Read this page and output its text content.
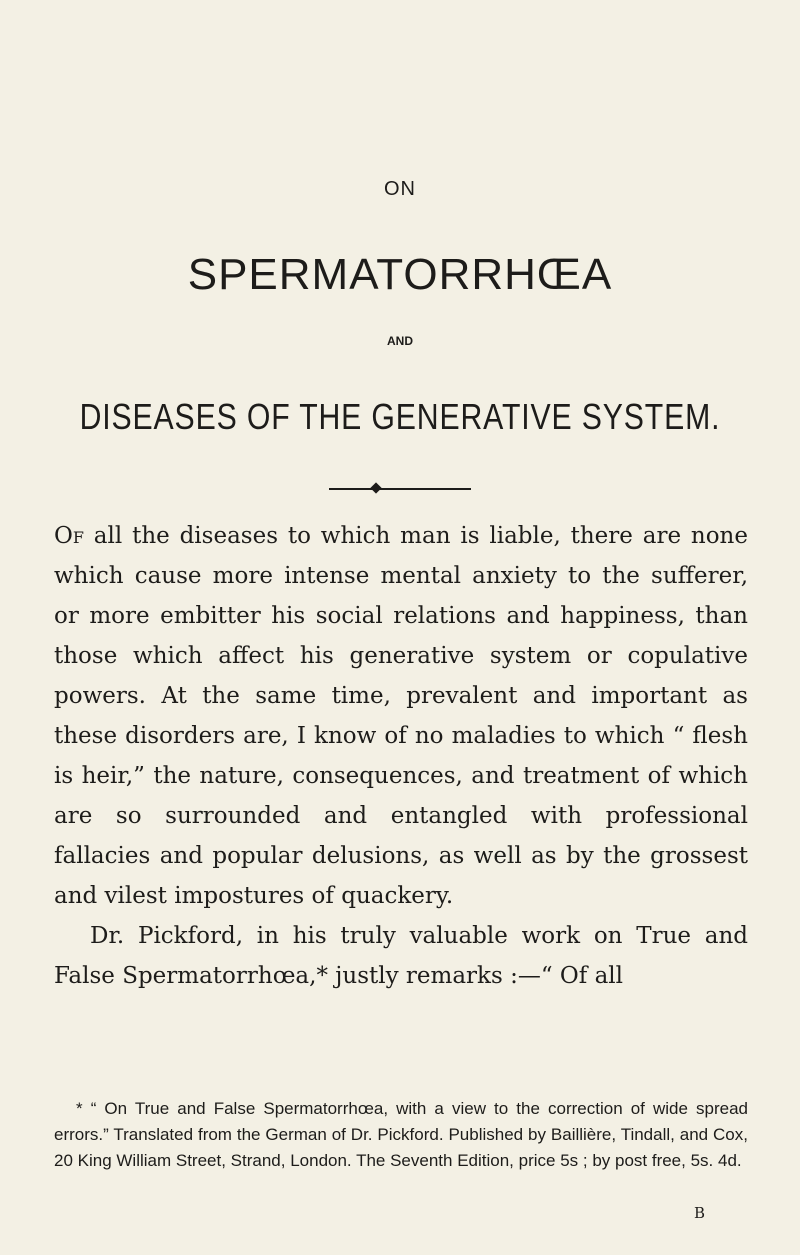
ON
SPERMATORRHŒA
AND
DISEASES OF THE GENERATIVE SYSTEM.

Of all the diseases to which man is liable, there are none which cause more intense mental anxiety to the sufferer, or more embitter his social relations and happiness, than those which affect his generative system or copulative powers. At the same time, prevalent and important as these disorders are, I know of no maladies to which “ flesh is heir,” the nature, consequences, and treatment of which are so surrounded and entangled with professional fallacies and popular delusions, as well as by the grossest and vilest impostures of quackery.

Dr. Pickford, in his truly valuable work on True and False Spermatorrhœa,* justly remarks :—“ Of all

* “ On True and False Spermatorrhœa, with a view to the correction of wide spread errors.” Translated from the German of Dr. Pickford. Published by Baillière, Tindall, and Cox, 20 King William Street, Strand, London. The Seventh Edition, price 5s ; by post free, 5s. 4d.
B
